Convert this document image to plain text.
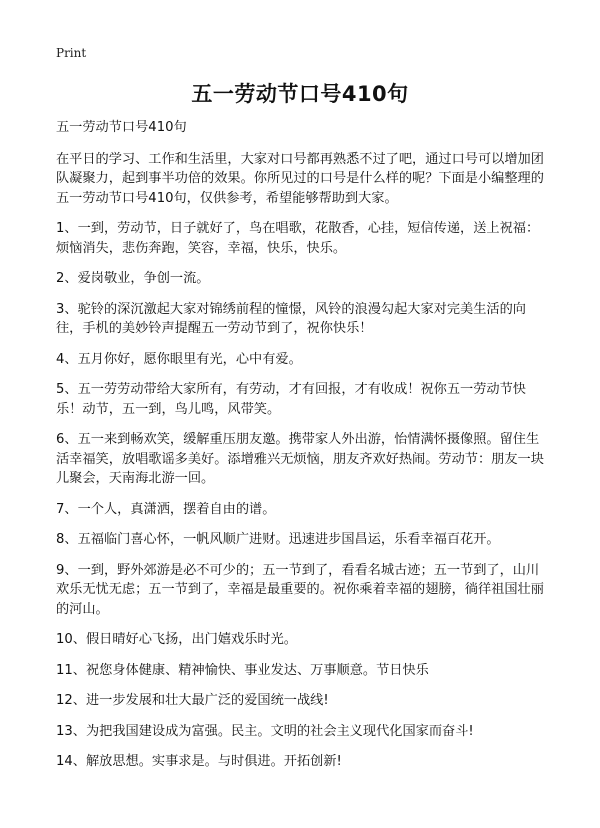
Print
五一劳动节口号410句

五一劳动节口号410句

在平日的学习、工作和生活里，大家对口号都再熟悉不过了吧，通过口号可以增加团队凝聚力，起到事半功倍的效果。你所见过的口号是什么样的呢？下面是小编整理的五一劳动节口号410句，仅供参考，希望能够帮助到大家。

1、一到，劳动节，日子就好了，鸟在唱歌，花散香，心挂，短信传递，送上祝福：烦恼消失，悲伤奔跑，笑容，幸福，快乐，快乐。

2、爱岗敬业，争创一流。

3、驼铃的深沉激起大家对锦绣前程的憧憬，风铃的浪漫勾起大家对完美生活的向往，手机的美妙铃声提醒五一劳动节到了，祝你快乐！

4、五月你好，愿你眼里有光，心中有爱。

5、五一劳劳动带给大家所有，有劳动，才有回报，才有收成！祝你五一劳动节快乐！动节，五一到，鸟儿鸣，风带笑。

6、五一来到畅欢笑，缓解重压朋友邀。携带家人外出游，怡情满怀摄像照。留住生活幸福笑，放唱歌谣多美好。添增雅兴无烦恼，朋友齐欢好热闹。劳动节：朋友一块儿聚会，天南海北游一回。

7、一个人，真潇洒，摆着自由的谱。

8、五福临门喜心怀，一帆风顺广进财。迅速进步国昌运，乐看幸福百花开。

9、一到，野外郊游是必不可少的；五一节到了，看看名城古迹；五一节到了，山川欢乐无忧无虑；五一节到了，幸福是最重要的。祝你乘着幸福的翅膀，徜徉祖国壮丽的河山。

10、假日晴好心飞扬，出门嬉戏乐时光。

11、祝您身体健康、精神愉快、事业发达、万事顺意。节日快乐

12、进一步发展和壮大最广泛的爱国统一战线!

13、为把我国建设成为富强。民主。文明的社会主义现代化国家而奋斗!

14、解放思想。实事求是。与时俱进。开拓创新!
